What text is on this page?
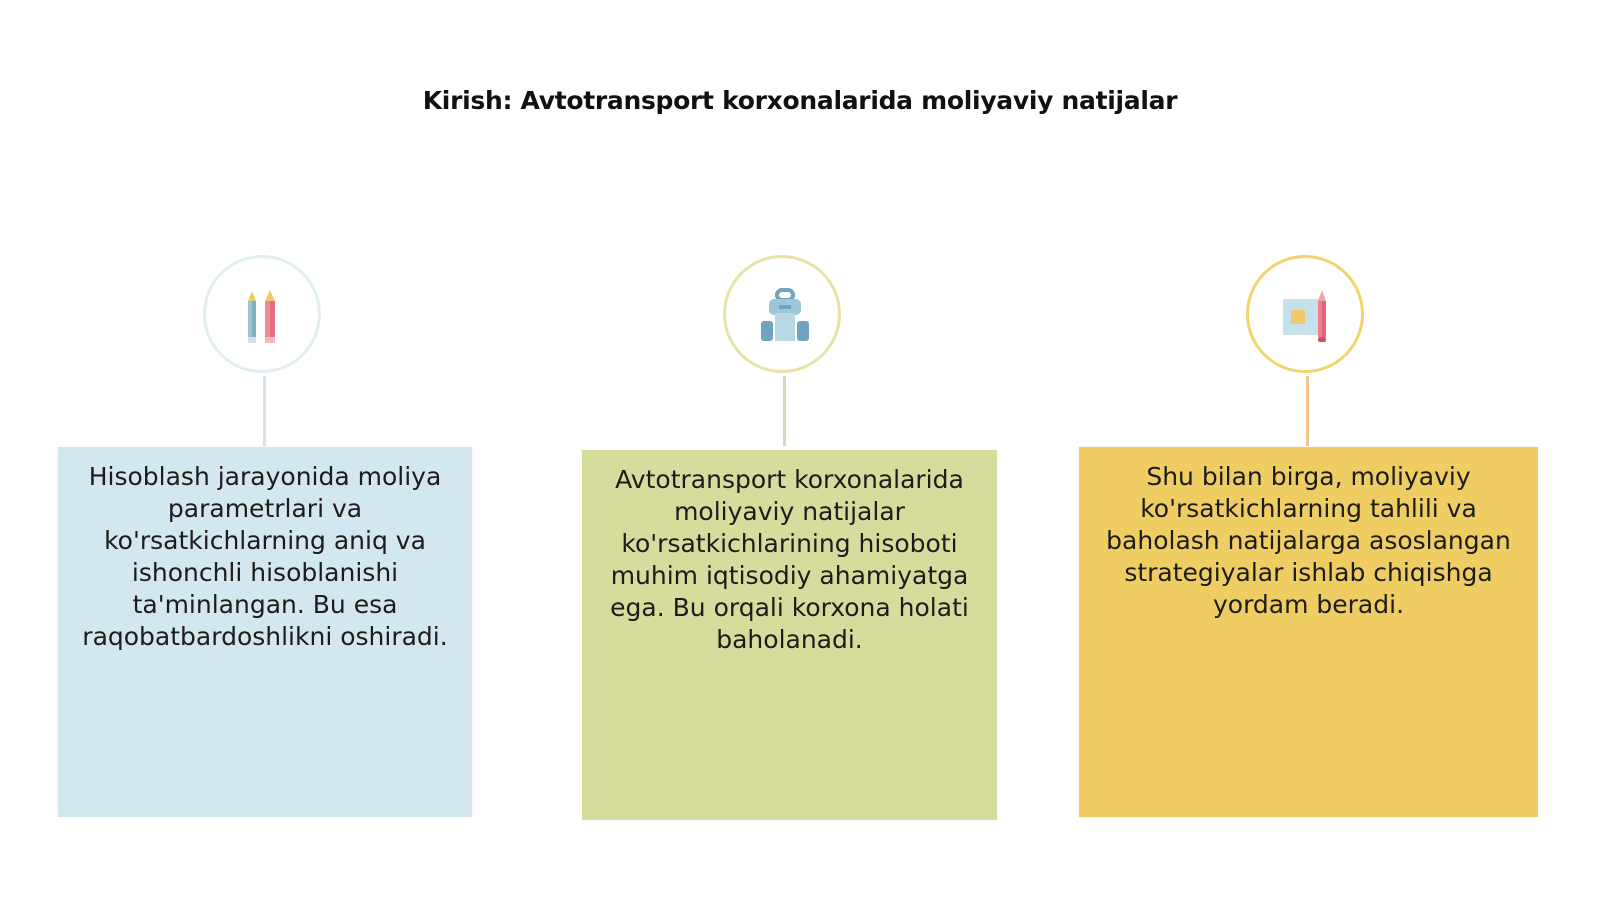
Kirish: Avtotransport korxonalarida moliyaviy natijalar
Hisoblash jarayonida moliya parametrlari va ko'rsatkichlarning aniq va ishonchli hisoblanishi ta'minlangan. Bu esa raqobatbardoshlikni oshiradi.
Avtotransport korxonalarida moliyaviy natijalar ko'rsatkichlarining hisoboti muhim iqtisodiy ahamiyatga ega. Bu orqali korxona holati baholanadi.
Shu bilan birga, moliyaviy ko'rsatkichlarning tahlili va baholash natijalarga asoslangan strategiyalar ishlab chiqishga yordam beradi.
